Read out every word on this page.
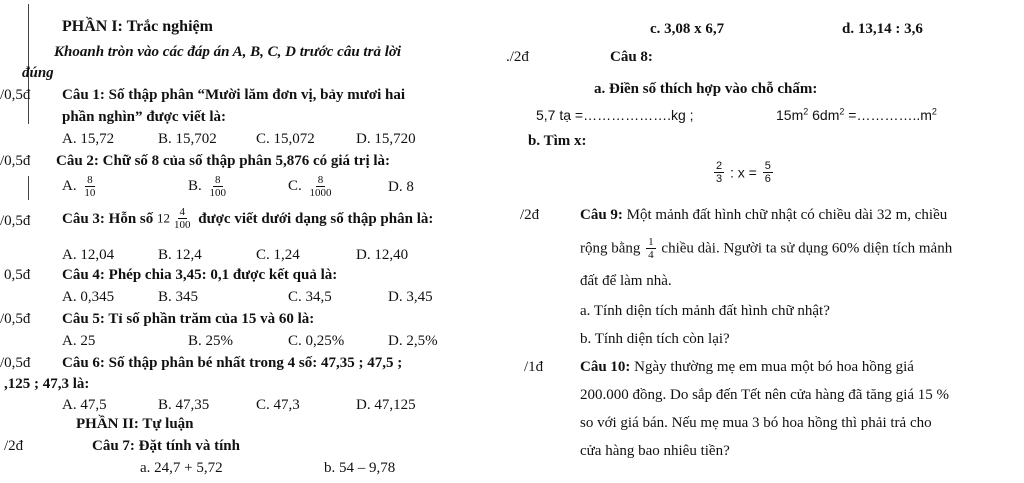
PHẦN I: Trắc nghiệm
Khoanh tròn vào các đáp án A, B, C, D trước câu trả lời
đúng
/0,5đ Câu 1: Số thập phân “Mười lăm đơn vị, bảy mươi hai
phần nghìn” được viết là:
A. 15,72	B. 15,702	C. 15,072	D. 15,720
/0,5đ Câu 2: Chữ số 8 của số thập phân 5,876 có giá trị là:
A. $\frac{8}{10}$	B. $\frac{8}{100}$	C. $\frac{8}{1000}$	D. 8
/0,5đ Câu 3: Hỗn số $12 \frac{4}{100}$ được viết dưới dạng số thập phân là:
A. 12,04	B. 12,4	C. 1,24	D. 12,40
0,5đ Câu 4: Phép chia 3,45: 0,1 được kết quả là:
A. 0,345	B. 345	C. 34,5	D. 3,45
/0,5đ Câu 5: Tỉ số phần trăm của 15 và 60 là:
A. 25	B. 25%	C. 0,25%	D. 2,5%
/0,5đ Câu 6: Số thập phân bé nhất trong 4 số: 47,35 ; 47,5 ;
,125 ; 47,3 là:
A. 47,5	B. 47,35	C. 47,3	D. 47,125
PHẦN II: Tự luận
/2đ	Câu 7: Đặt tính và tính
a. 24,7 + 5,72	b. 54 – 9,78
c. 3,08 x 6,7	d. 13,14 : 3,6
./2đ	Câu 8:
a. Điền số thích hợp vào chỗ chấm:
5,7 tạ =……………….kg ;	$15m^2$ $6dm^2$ $=\dots\dots\dots\dots..m^2$
b. Tìm x:
$\frac{2}{3}$ : $x = \frac{5}{6}$
/2đ	Câu 9: Một mảnh đất hình chữ nhật có chiều dài 32 m, chiều
rộng bằng $\frac{1}{4}$ chiều dài. Người ta sử dụng 60% diện tích mảnh
đất để làm nhà.
a. Tính diện tích mảnh đất hình chữ nhật?
b. Tính diện tích còn lại?
/1đ Câu 10: Ngày thường mẹ em mua một bó hoa hồng giá
200.000 đồng. Do sắp đến Tết nên cửa hàng đã tăng giá 15 %
so với giá bán. Nếu mẹ mua 3 bó hoa hồng thì phải trả cho
cửa hàng bao nhiêu tiền?
